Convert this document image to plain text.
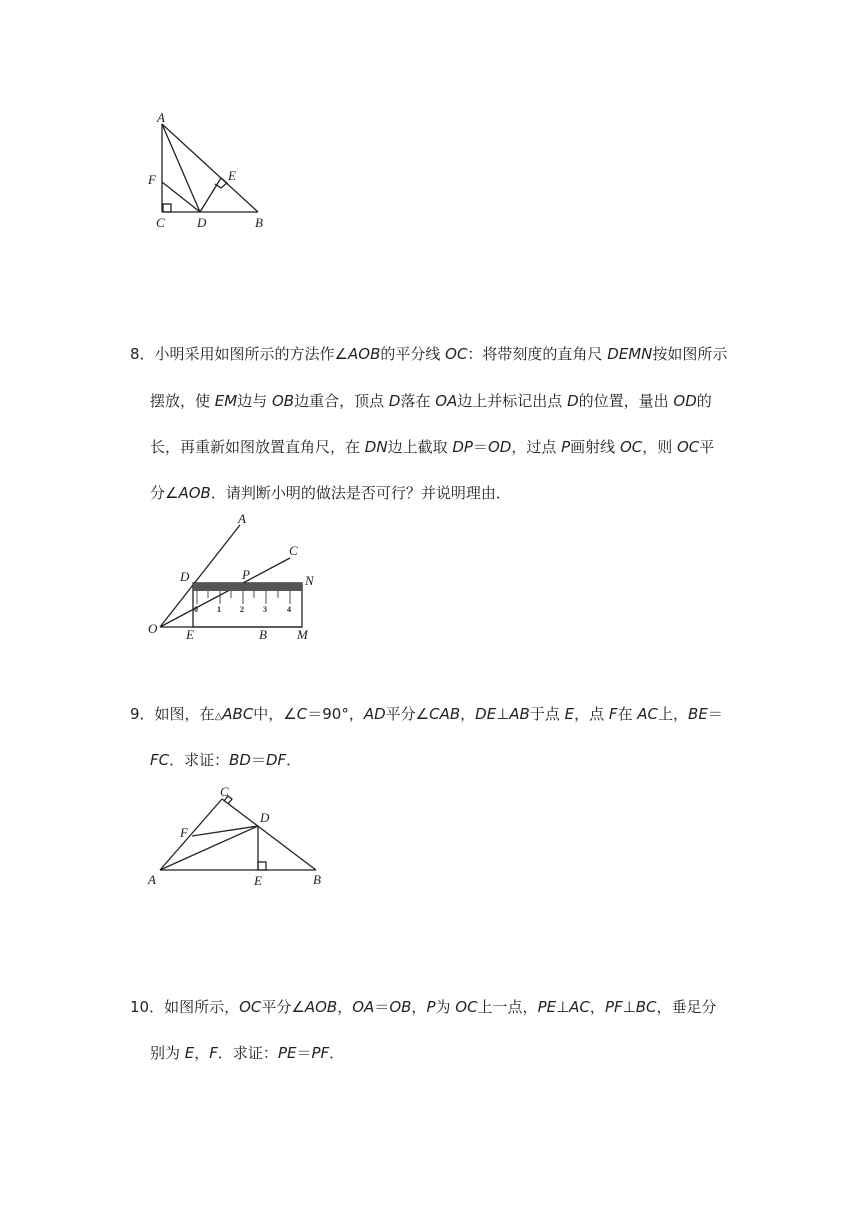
A
F	E
C D	B
8．小明采用如图所示的方法作∠AOB的平分线 OC：将带刻度的直角尺 DEMN按如图所示
摆放，使 EM边与 OB边重合，顶点 D落在 OA边上并标记出点 D的位置，量出 OD的
长，再重新如图放置直角尺，在 DN边上截取 DP＝OD，过点 P画射线 OC，则 OC平
分∠AOB．请判断小明的做法是否可行？并说明理由．
0 1 2 3	4
A
C
D	P	N
O E	B M
9．如图，在△ABC中，∠C＝90°，AD平分∠CAB，DE⊥AB于点 E，点 F在 AC上，BE＝
FC．求证：BD＝DF．
C
D
F
A	E	B
10．如图所示，OC平分∠AOB，OA＝OB，P为 OC上一点，PE⊥AC，PF⊥BC，垂足分
别为 E，F．求证：PE＝PF．
